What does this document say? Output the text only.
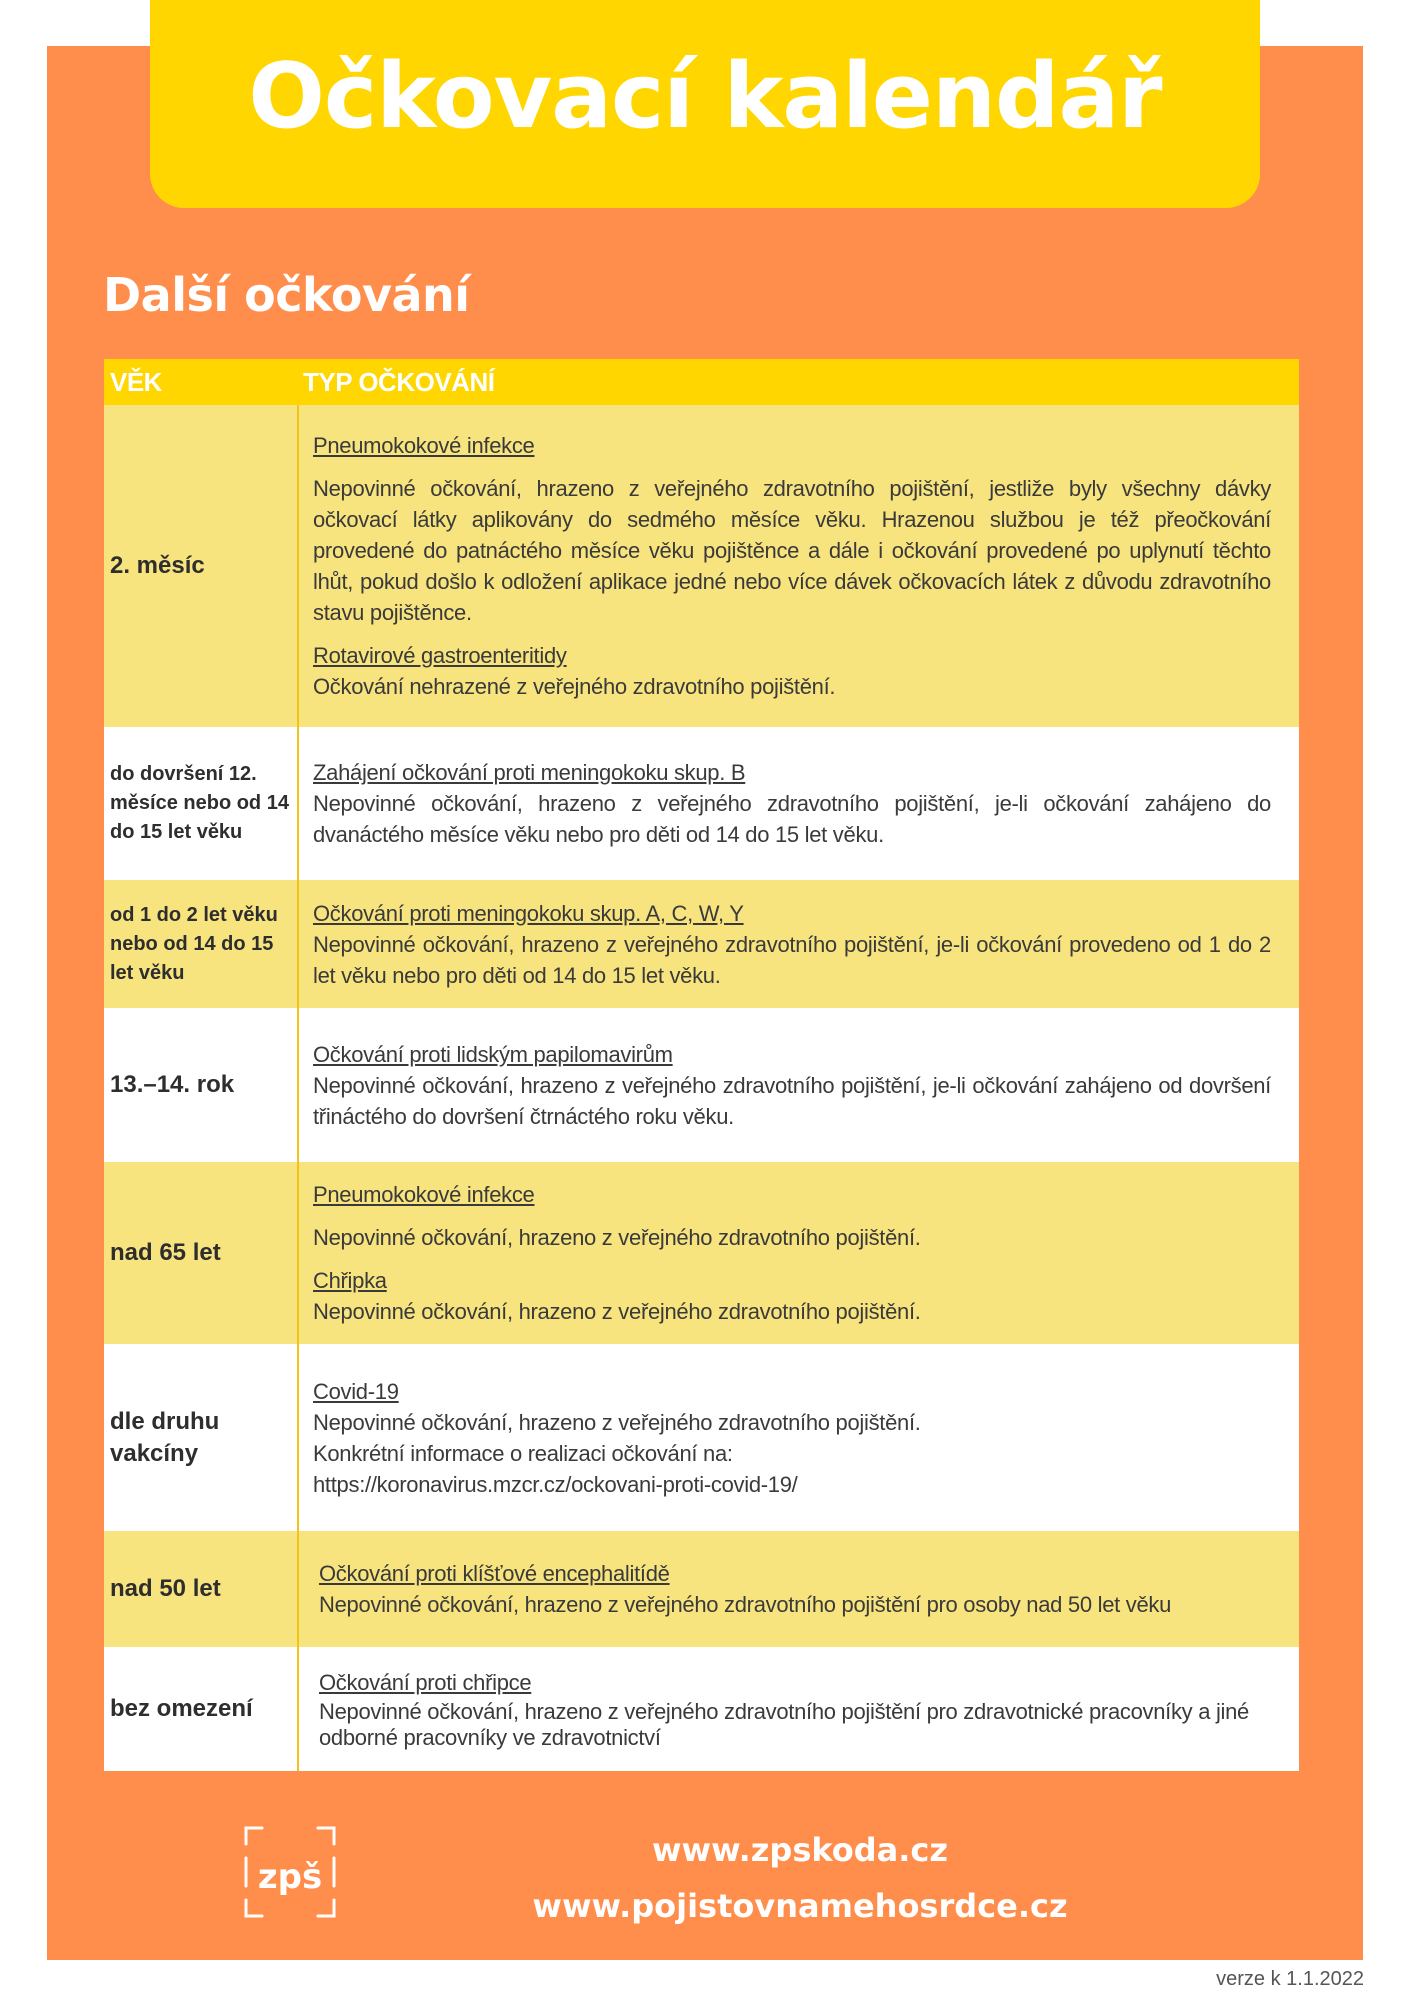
Očkovací kalendář
Další očkování
VĚK	TYP OČKOVÁNÍ
2. měsíc
Pneumokokové infekce
Nepovinné očkování, hrazeno z veřejného zdravotního pojištění, jestliže byly všechny dávky očkovací látky aplikovány do sedmého měsíce věku. Hrazenou službou je též přeočkování provedené do patnáctého měsíce věku pojištěnce a dále i očkování provedené po uplynutí těchto lhůt, pokud došlo k odložení aplikace jedné nebo více dávek očkovacích látek z důvodu zdravotního stavu pojištěnce.
Rotavirové gastroenteritidy
Očkování nehrazené z veřejného zdravotního pojištění.
do dovršení 12. měsíce nebo od 14 do 15 let věku
Zahájení očkování proti meningokoku skup. B
Nepovinné očkování, hrazeno z veřejného zdravotního pojištění, je-li očkování zahájeno do dvanáctého měsíce věku nebo pro děti od 14 do 15 let věku.
od 1 do 2 let věku nebo od 14 do 15 let věku
Očkování proti meningokoku skup. A, C, W, Y
Nepovinné očkování, hrazeno z veřejného zdravotního pojištění, je-li očkování provedeno od 1 do 2 let věku nebo pro děti od 14 do 15 let věku.
13.–14. rok
Očkování proti lidským papilomavirům
Nepovinné očkování, hrazeno z veřejného zdravotního pojištění, je-li očkování zahájeno od dovršení třináctého do dovršení čtrnáctého roku věku.
nad 65 let
Pneumokokové infekce
Nepovinné očkování, hrazeno z veřejného zdravotního pojištění.
Chřipka
Nepovinné očkování, hrazeno z veřejného zdravotního pojištění.
dle druhu vakcíny
Covid-19
Nepovinné očkování, hrazeno z veřejného zdravotního pojištění.
Konkrétní informace o realizaci očkování na:
https://koronavirus.mzcr.cz/ockovani-proti-covid-19/
nad 50 let
Očkování proti klíšťové encephalitídě
Nepovinné očkování, hrazeno z veřejného zdravotního pojištění pro osoby nad 50 let věku
bez omezení
Očkování proti chřipce
Nepovinné očkování, hrazeno z veřejného zdravotního pojištění pro zdravotnické pracovníky a jiné odborné pracovníky ve zdravotnictví
zpš
www.zpskoda.cz
www.pojistovnamehosrdce.cz
verze k 1.1.2022
